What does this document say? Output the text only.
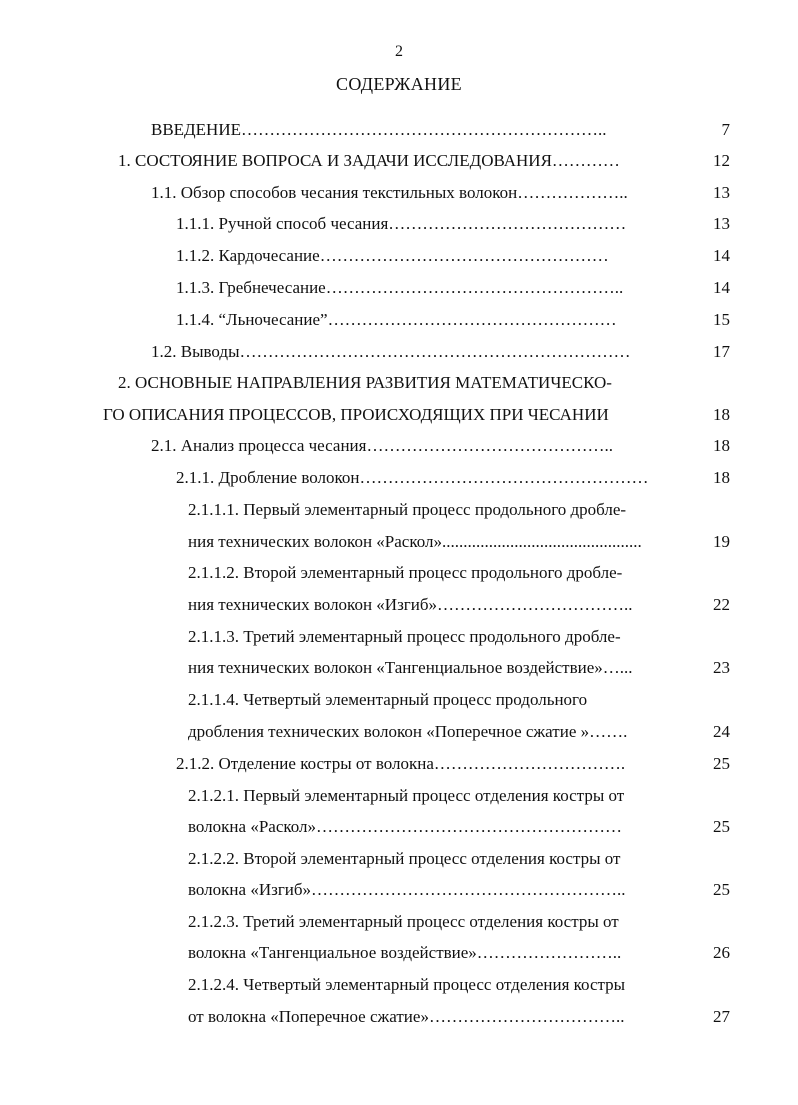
2
СОДЕРЖАНИЕ
ВВЕДЕНИЕ………………………………………………………..	7
1. СОСТОЯНИЕ ВОПРОСА И ЗАДАЧИ ИССЛЕДОВАНИЯ…………	12
1.1. Обзор способов чесания текстильных волокон………………..	13
1.1.1. Ручной способ чесания……………………………………	13
1.1.2. Кардочесание……………………………………………	14
1.1.3. Гребнечесание……………………………………………..	14
1.1.4. “Льночесание”……………………………………………	15
1.2. Выводы……………………………………………………………	17
2. ОСНОВНЫЕ НАПРАВЛЕНИЯ РАЗВИТИЯ МАТЕМАТИЧЕСКО-
ГО ОПИСАНИЯ ПРОЦЕССОВ, ПРОИСХОДЯЩИХ ПРИ ЧЕСАНИИ	18
2.1. Анализ процесса чесания……………………………………..	18
2.1.1. Дробление волокон……………………………………………	18
2.1.1.1. Первый элементарный процесс продольного дробле-
ния технических волокон «Раскол»...............................................	19
2.1.1.2. Второй элементарный процесс продольного дробле-
ния технических волокон «Изгиб»……………………………..	22
2.1.1.3. Третий элементарный процесс продольного дробле-
ния технических волокон «Тангенциальное воздействие»…...	23
2.1.1.4. Четвертый элементарный процесс продольного
дробления технических волокон «Поперечное сжатие »…….	24
2.1.2. Отделение костры от волокна…………………………….	25
2.1.2.1. Первый элементарный процесс отделения костры от
волокна «Раскол»………………………………………………	25
2.1.2.2. Второй элементарный процесс отделения костры от
волокна «Изгиб»………………………………………………..	25
2.1.2.3. Третий элементарный процесс отделения костры от
волокна «Тангенциальное воздействие»……………………..	26
2.1.2.4. Четвертый элементарный процесс отделения костры
от волокна «Поперечное сжатие»……………………………..	27
